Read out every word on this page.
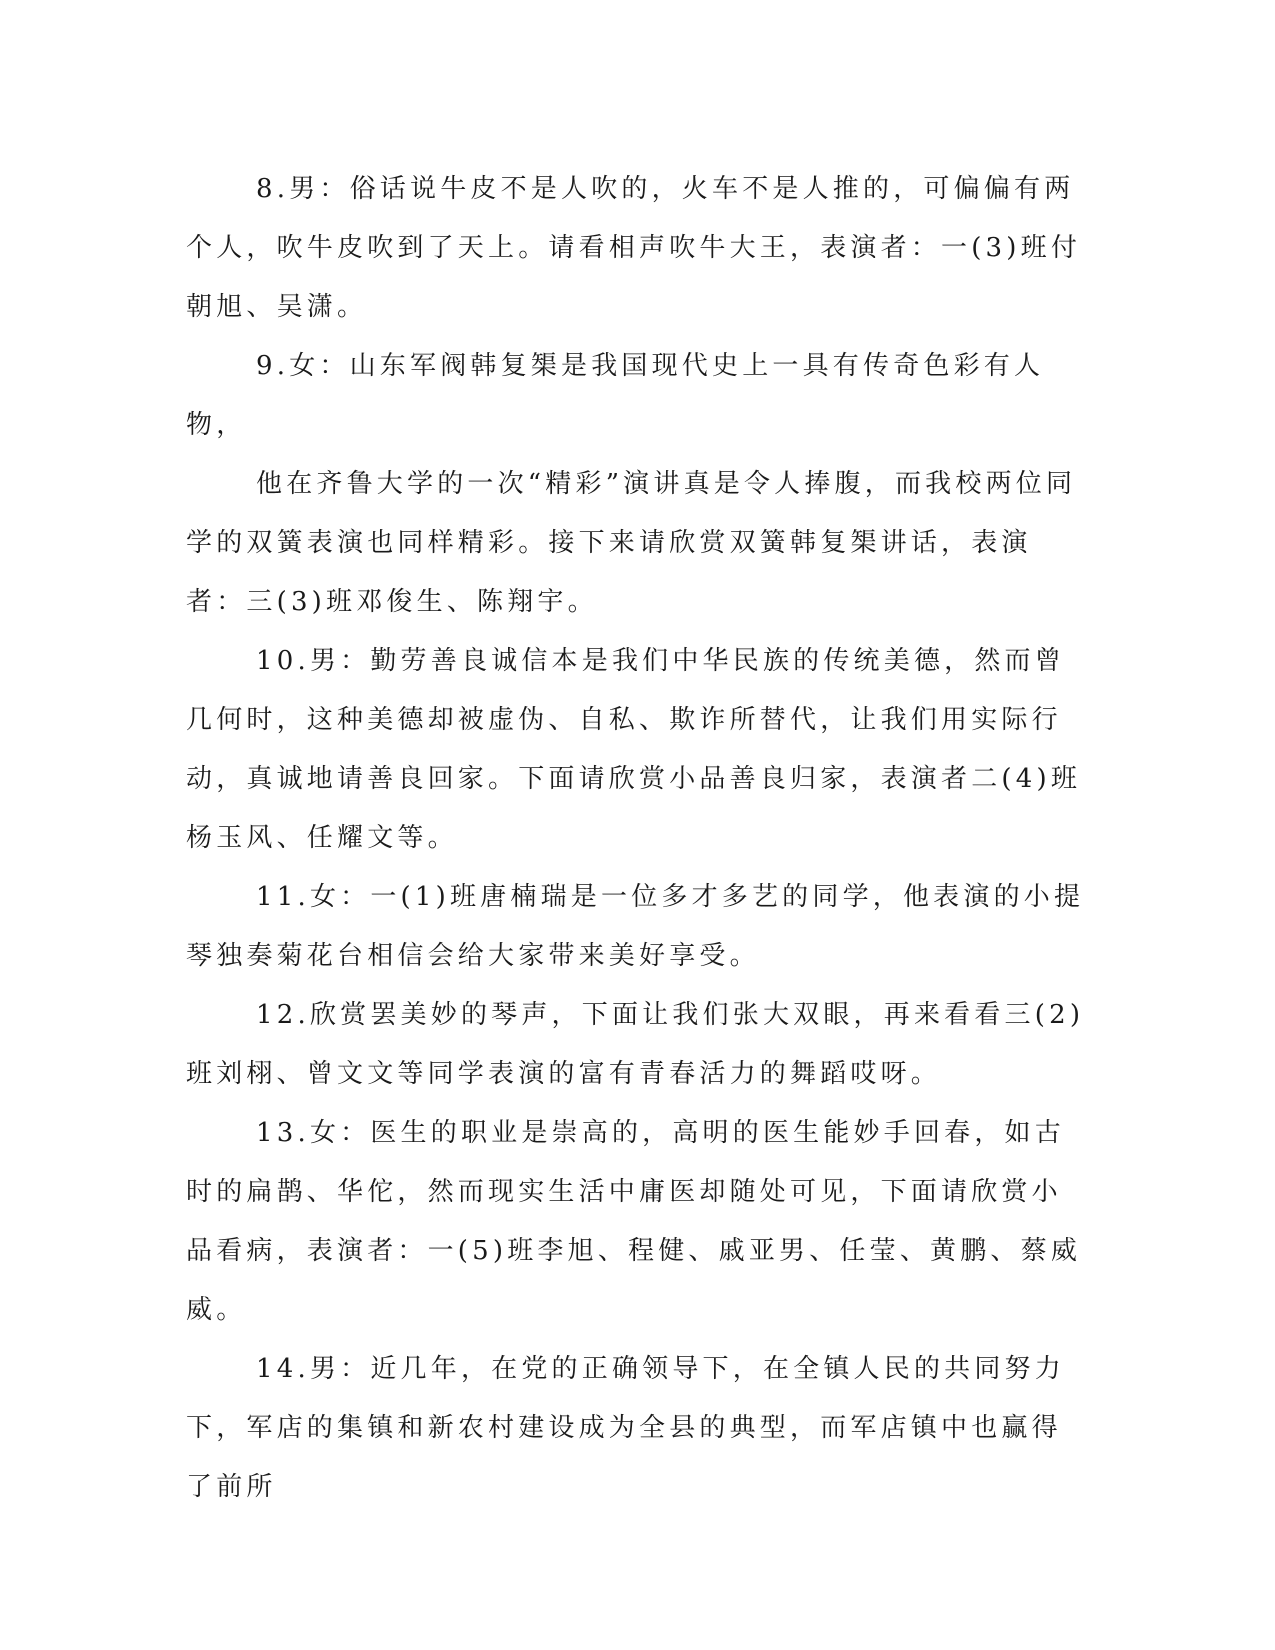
8.男：俗话说牛皮不是人吹的，火车不是人推的，可偏偏有两个人，吹牛皮吹到了天上。请看相声吹牛大王，表演者：一(3)班付朝旭、吴潇。

9.女：山东军阀韩复榘是我国现代史上一具有传奇色彩有人物，

他在齐鲁大学的一次“精彩”演讲真是令人捧腹，而我校两位同学的双簧表演也同样精彩。接下来请欣赏双簧韩复榘讲话，表演者：三(3)班邓俊生、陈翔宇。

10.男：勤劳善良诚信本是我们中华民族的传统美德，然而曾几何时，这种美德却被虚伪、自私、欺诈所替代，让我们用实际行动，真诚地请善良回家。下面请欣赏小品善良归家，表演者二(4)班杨玉风、任耀文等。

11.女：一(1)班唐楠瑞是一位多才多艺的同学，他表演的小提琴独奏菊花台相信会给大家带来美好享受。

12.欣赏罢美妙的琴声，下面让我们张大双眼，再来看看三(2)班刘栩、曾文文等同学表演的富有青春活力的舞蹈哎呀。

13.女：医生的职业是崇高的，高明的医生能妙手回春，如古时的扁鹊、华佗，然而现实生活中庸医却随处可见，下面请欣赏小品看病，表演者：一(5)班李旭、程健、戚亚男、任莹、黄鹏、蔡威威。

14.男：近几年，在党的正确领导下，在全镇人民的共同努力下，军店的集镇和新农村建设成为全县的典型，而军店镇中也赢得了前所
